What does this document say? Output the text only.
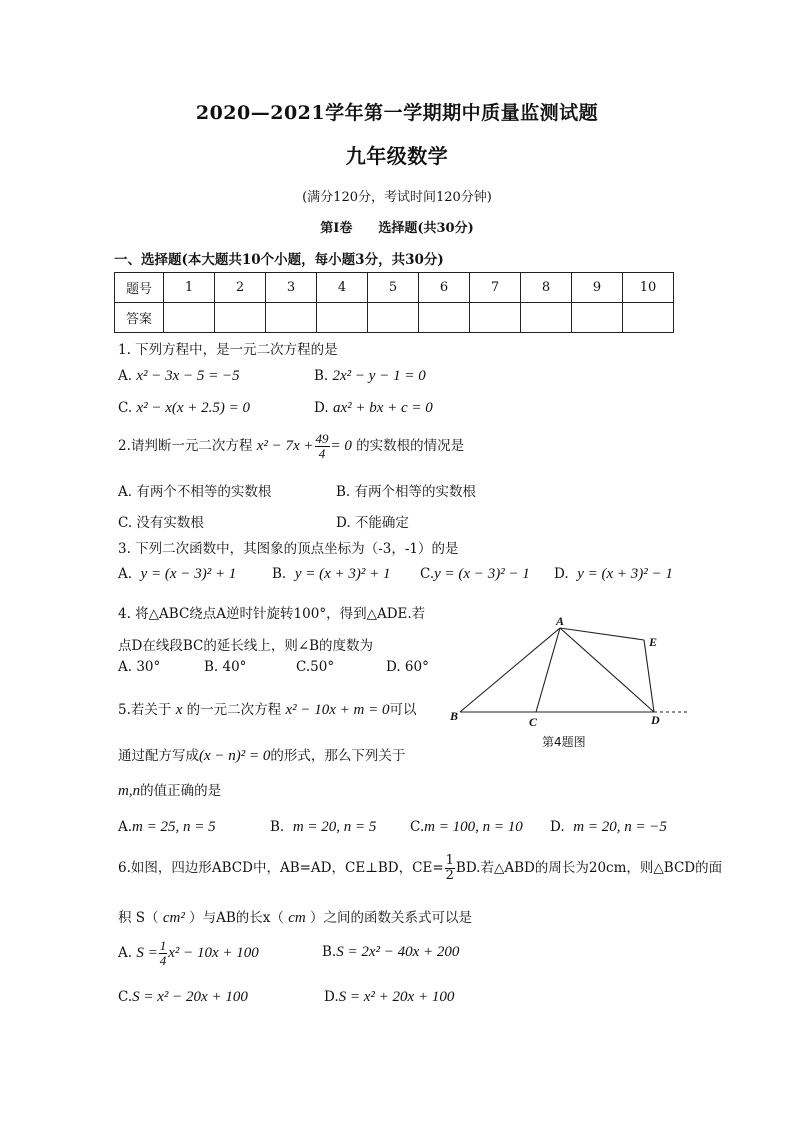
2020—2021学年第一学期期中质量监测试题
九年级数学
(满分120分，考试时间120分钟)
第Ⅰ卷　　选择题(共30分)
一、选择题(本大题共10个小题，每小题3分，共30分)
题号	1	2	3	4	5	6	7	8	9	10
答案										
1. 下列方程中，是一元二次方程的是
A. x² − 3x − 5 = −5	B. 2x² − y − 1 = 0
C. x² − x(x + 2.5) = 0	D. ax² + bx + c = 0
2.请判断一元二次方程 $x^2 - 7x + \frac{49}{4} = 0$ 的实数根的情况是
A. 有两个不相等的实数根	B. 有两个相等的实数根
C. 没有实数根	D. 不能确定
3. 下列二次函数中，其图象的顶点坐标为（-3，-1）的是
A. y = (x − 3)² + 1	B. y = (x + 3)² + 1 C.y = (x − 3)² − 1 D. y = (x + 3)² − 1
4. 将△ABC绕点A逆时针旋转100°，得到△ADE.若
点D在线段BC的延长线上，则∠B的度数为
A. 30°	B. 40°	C.50°	D. 60°
A
B	C	D
E
第4题图
5.若关于 x 的一元二次方程 x² − 10x + m = 0可以
通过配方写成(x − n)² = 0的形式，那么下列关于
m,n的值正确的是
A.m = 25, n = 5	B. m = 20, n = 5 C.m = 100, n = 10 D. m = 20, n = −5
6.如图，四边形ABCD中，AB=AD，CE⊥BD，$CE= \frac{1}{2}$ BD.若△ABD的周长为20cm，则△BCD的面
积 S（ cm² ）与AB的长x（ cm ）之间的函数关系式可以是
A. $S = \frac{1}{4} x^2 - 10x + 100$	B.S = 2x² − 40x + 200
C.S = x² − 20x + 100	D.S = x² + 20x + 100
